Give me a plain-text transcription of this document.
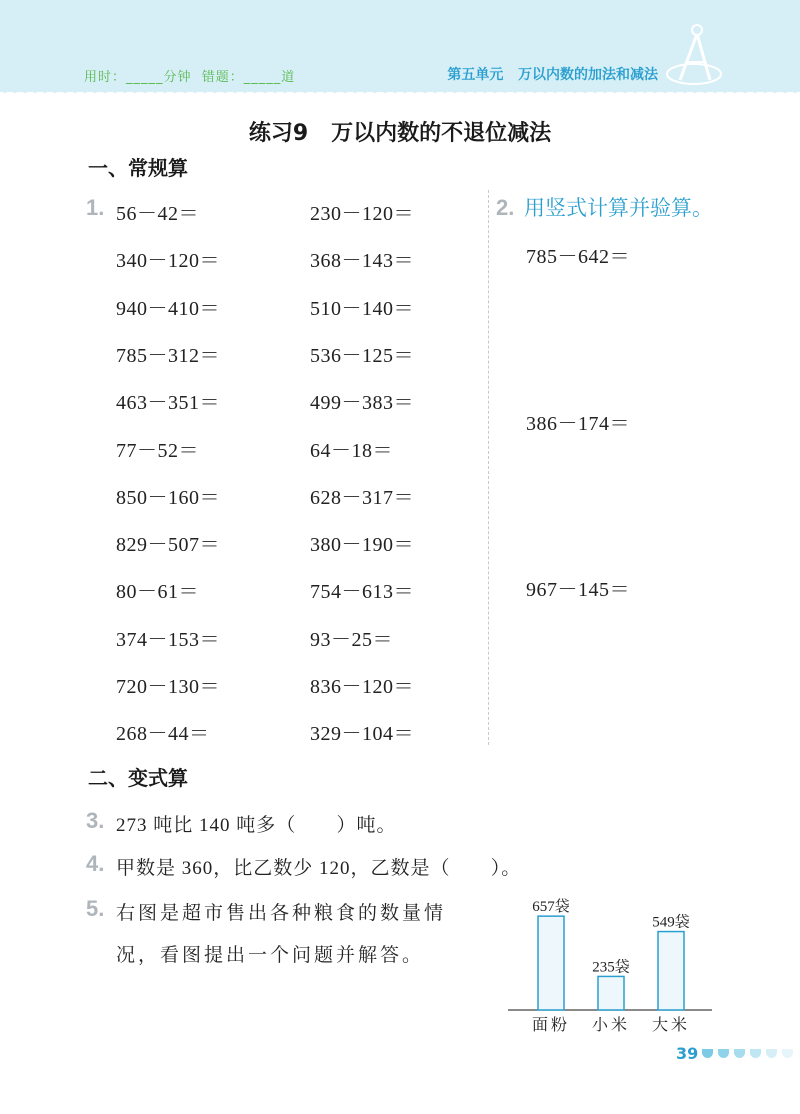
用时：_____分钟  错题：_____道	第五单元   万以内数的加法和减法
练习9   万以内数的不退位减法
一、常规算
1. 56－42＝
340－120＝
940－410＝
785－312＝
463－351＝
77－52＝
850－160＝
829－507＝
80－61＝
374－153＝
720－130＝
268－44＝
230－120＝
368－143＝
510－140＝
536－125＝
499－383＝
64－18＝
628－317＝
380－190＝
754－613＝
93－25＝
836－120＝
329－104＝
2. 用竖式计算并验算。
785－642＝
386－174＝
967－145＝
二、变式算
3. 273 吨比 140 吨多（       ）吨。
4. 甲数是 360，比乙数少 120，乙数是（       ）。
5. 右图是超市售出各种粮食的数量情
况，看图提出一个问题并解答。
657袋
面粉
235袋
小米
549袋
大米
39
